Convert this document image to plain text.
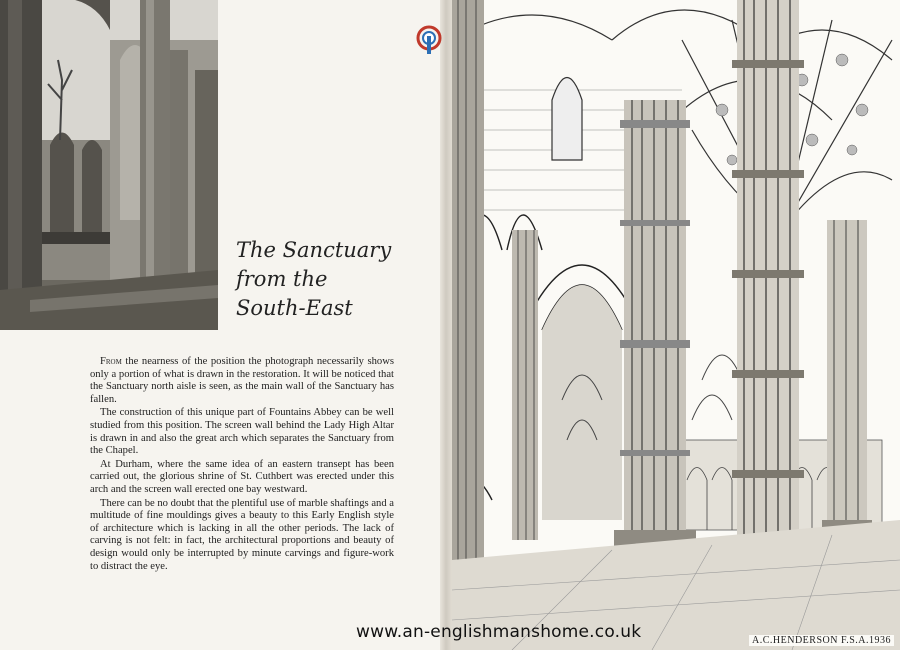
The Sanctuary
from the
South-East

From the nearness of the position the photograph necessarily shows only a portion of what is drawn in the restoration. It will be noticed that the Sanctuary north aisle is seen, as the main wall of the Sanctuary has fallen.

The construction of this unique part of Fountains Abbey can be well studied from this position. The screen wall behind the Lady High Altar is drawn in and also the great arch which separates the Sanctuary from the Chapel.

At Durham, where the same idea of an eastern transept has been carried out, the glorious shrine of St. Cuthbert was erected under this arch and the screen wall erected one bay westward.

There can be no doubt that the plentiful use of marble shaftings and a multitude of fine mouldings gives a beauty to this Early English style of architecture which is lacking in all the other periods. The lack of carving is not felt: in fact, the architectural proportions and beauty of design would only be interrupted by minute carvings and figure-work to distract the eye.

A.C.HENDERSON F.S.A.1936
www.an-englishmanshome.co.uk
